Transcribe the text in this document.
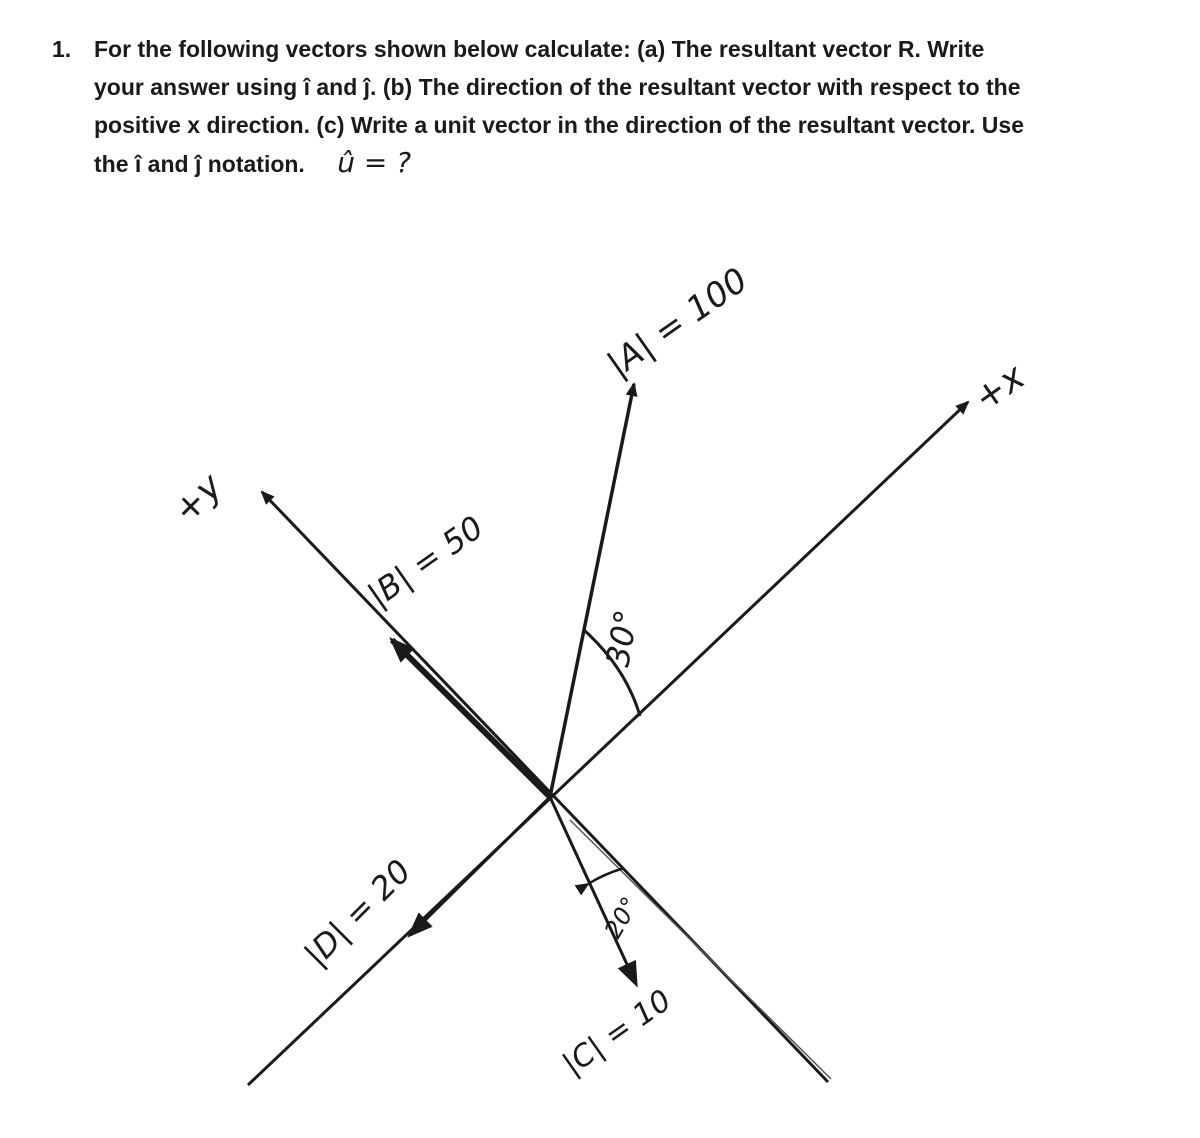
1. For the following vectors shown below calculate: (a) The resultant vector R. Write
your answer using î and ĵ. (b) The direction of the resultant vector with respect to the
positive x direction. (c) Write a unit vector in the direction of the resultant vector. Use
the î and ĵ notation. û = ?
+x
+y
|A| = 100
|B| = 50
|C| = 10
|D| = 20
30°
20°
